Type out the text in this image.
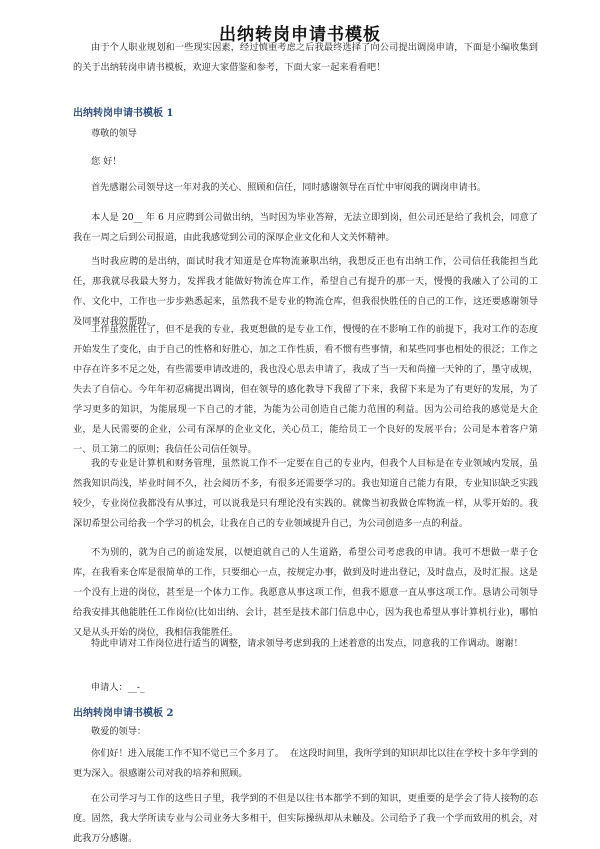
出纳转岗申请书模板

由于个人职业规划和一些现实因素，经过慎重考虑之后我最终选择了向公司提出调岗申请，下面是小编收集到的关于出纳转岗申请书模板，欢迎大家借鉴和参考，下面大家一起来看看吧！

出纳转岗申请书模板 1

尊敬的领导

您 好！

首先感谢公司领导这一年对我的关心、照顾和信任，同时感谢领导在百忙中审阅我的调岗申请书。

本人是 20__ 年 6 月应聘到公司做出纳，当时因为毕业答辩，无法立即到岗，但公司还是给了我机会，同意了我在一周之后到公司报道，由此我感觉到公司的深厚企业文化和人文关怀精神。

当时我应聘的是出纳，面试时我才知道是仓库物流兼职出纳，我想反正也有出纳工作，公司信任我能担当此任，那我就尽我最大努力，发挥我才能做好物流仓库工作，希望自己有提升的那一天，慢慢的我融入了公司的工作、文化中，工作也一步步熟悉起来，虽然我不是专业的物流仓库，但我很快胜任的自己的工作，这还要感谢领导及同事对我的帮助。

工作虽然胜任了，但不是我的专业，我更想做的是专业工作，慢慢的在不影响工作的前提下，我对工作的态度开始发生了变化，由于自己的性格和好胜心，加之工作性质，看不惯有些事情，和某些同事也相处的很泛；工作之中存在许多不足之处，有些需要申请改进的，我也没心思去申请了，我成了当一天和尚撞一天钟的了，墨守成规，失去了自信心。今年年初忍痛提出调岗，但在领导的感化教导下我留了下来，我留下来是为了有更好的发展，为了学习更多的知识，为能展现一下自己的才能，为能为公司创造自己能力范围的利益。因为公司给我的感觉是大企业，是人民需要的企业，公司有深厚的企业文化，关心员工，能给员工一个良好的发展平台；公司是本着客户第一、员工第二的原则；我信任公司信任领导。

我的专业是计算机和财务管理，虽然说工作不一定要在自己的专业内，但我个人目标是在专业领域内发展，虽然我知识尚浅，毕业时间不久，社会阅历不多，有很多还需要学习的。我也知道自己能力有限，专业知识缺乏实践较少，专业岗位我都没有从事过，可以说我是只有理论没有实践的。就像当初我做仓库物流一样，从零开始的。我深切希望公司给我一个学习的机会，让我在自己的专业领域提升自己，为公司创造多一点的利益。

不为别的，就为自己的前途发展，以便追就自己的人生道路，希望公司考虑我的申请。我可不想做一辈子仓库，在我看来仓库是很简单的工作，只要细心一点，按规定办事，做到及时进出登记，及时盘点，及时汇报。这是一个没有上进的岗位，甚至是一个体力工作。我愿意从事这项工作，但我不愿意一直从事这项工作。恳请公司领导给我安排其他能胜任工作岗位(比如出纳、会计，甚至是技术部门信息中心，因为我也希望从事计算机行业)，哪怕又是从头开始的岗位，我相信我能胜任。

特此申请对工作岗位进行适当的调整，请求领导考虑到我的上述着意的出发点，同意我的工作调动。谢谢！

申请人：__-_

出纳转岗申请书模板 2

敬爱的领导：

你们好！进入展能工作不知不觉已三个多月了。  在这段时间里，我所学到的知识却比以往在学校十多年学到的更为深入。很感谢公司对我的培养和照顾。

在公司学习与工作的这些日子里，我学到的不但是以往书本都学不到的知识，更重要的是学会了待人接物的态度。固然，我大学所读专业与公司业务大多相干，但实际操纵却从未触及。公司给予了我一个学而致用的机会，对此我万分感谢。
